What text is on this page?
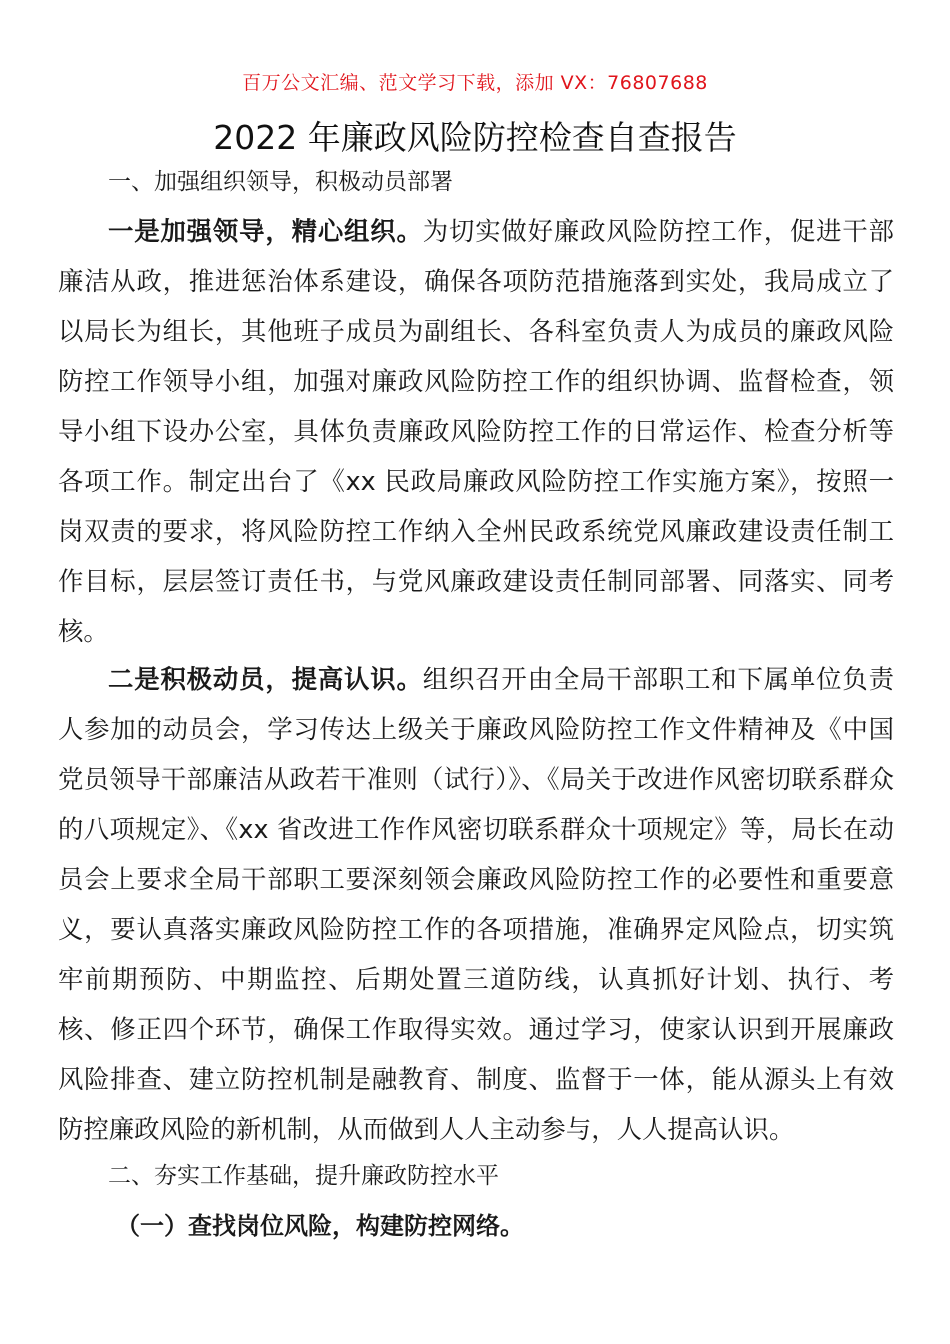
百万公文汇编、范文学习下载，添加 VX：76807688
2022 年廉政风险防控检查自查报告

一、加强组织领导，积极动员部署

一是加强领导，精心组织。为切实做好廉政风险防控工作，促进干部廉洁从政，推进惩治体系建设，确保各项防范措施落到实处，我局成立了以局长为组长，其他班子成员为副组长、各科室负责人为成员的廉政风险防控工作领导小组，加强对廉政风险防控工作的组织协调、监督检查，领导小组下设办公室，具体负责廉政风险防控工作的日常运作、检查分析等各项工作。制定出台了《xx 民政局廉政风险防控工作实施方案》，按照一岗双责的要求，将风险防控工作纳入全州民政系统党风廉政建设责任制工作目标，层层签订责任书，与党风廉政建设责任制同部署、同落实、同考核。

二是积极动员，提高认识。组织召开由全局干部职工和下属单位负责人参加的动员会，学习传达上级关于廉政风险防控工作文件精神及《中国党员领导干部廉洁从政若干准则（试行）》、《局关于改进作风密切联系群众的八项规定》、《xx 省改进工作作风密切联系群众十项规定》等，局长在动员会上要求全局干部职工要深刻领会廉政风险防控工作的必要性和重要意义，要认真落实廉政风险防控工作的各项措施，准确界定风险点，切实筑牢前期预防、中期监控、后期处置三道防线，认真抓好计划、执行、考核、修正四个环节，确保工作取得实效。通过学习，使家认识到开展廉政风险排查、建立防控机制是融教育、制度、监督于一体，能从源头上有效防控廉政风险的新机制，从而做到人人主动参与，人人提高认识。

二、夯实工作基础，提升廉政防控水平

（一）查找岗位风险，构建防控网络。
